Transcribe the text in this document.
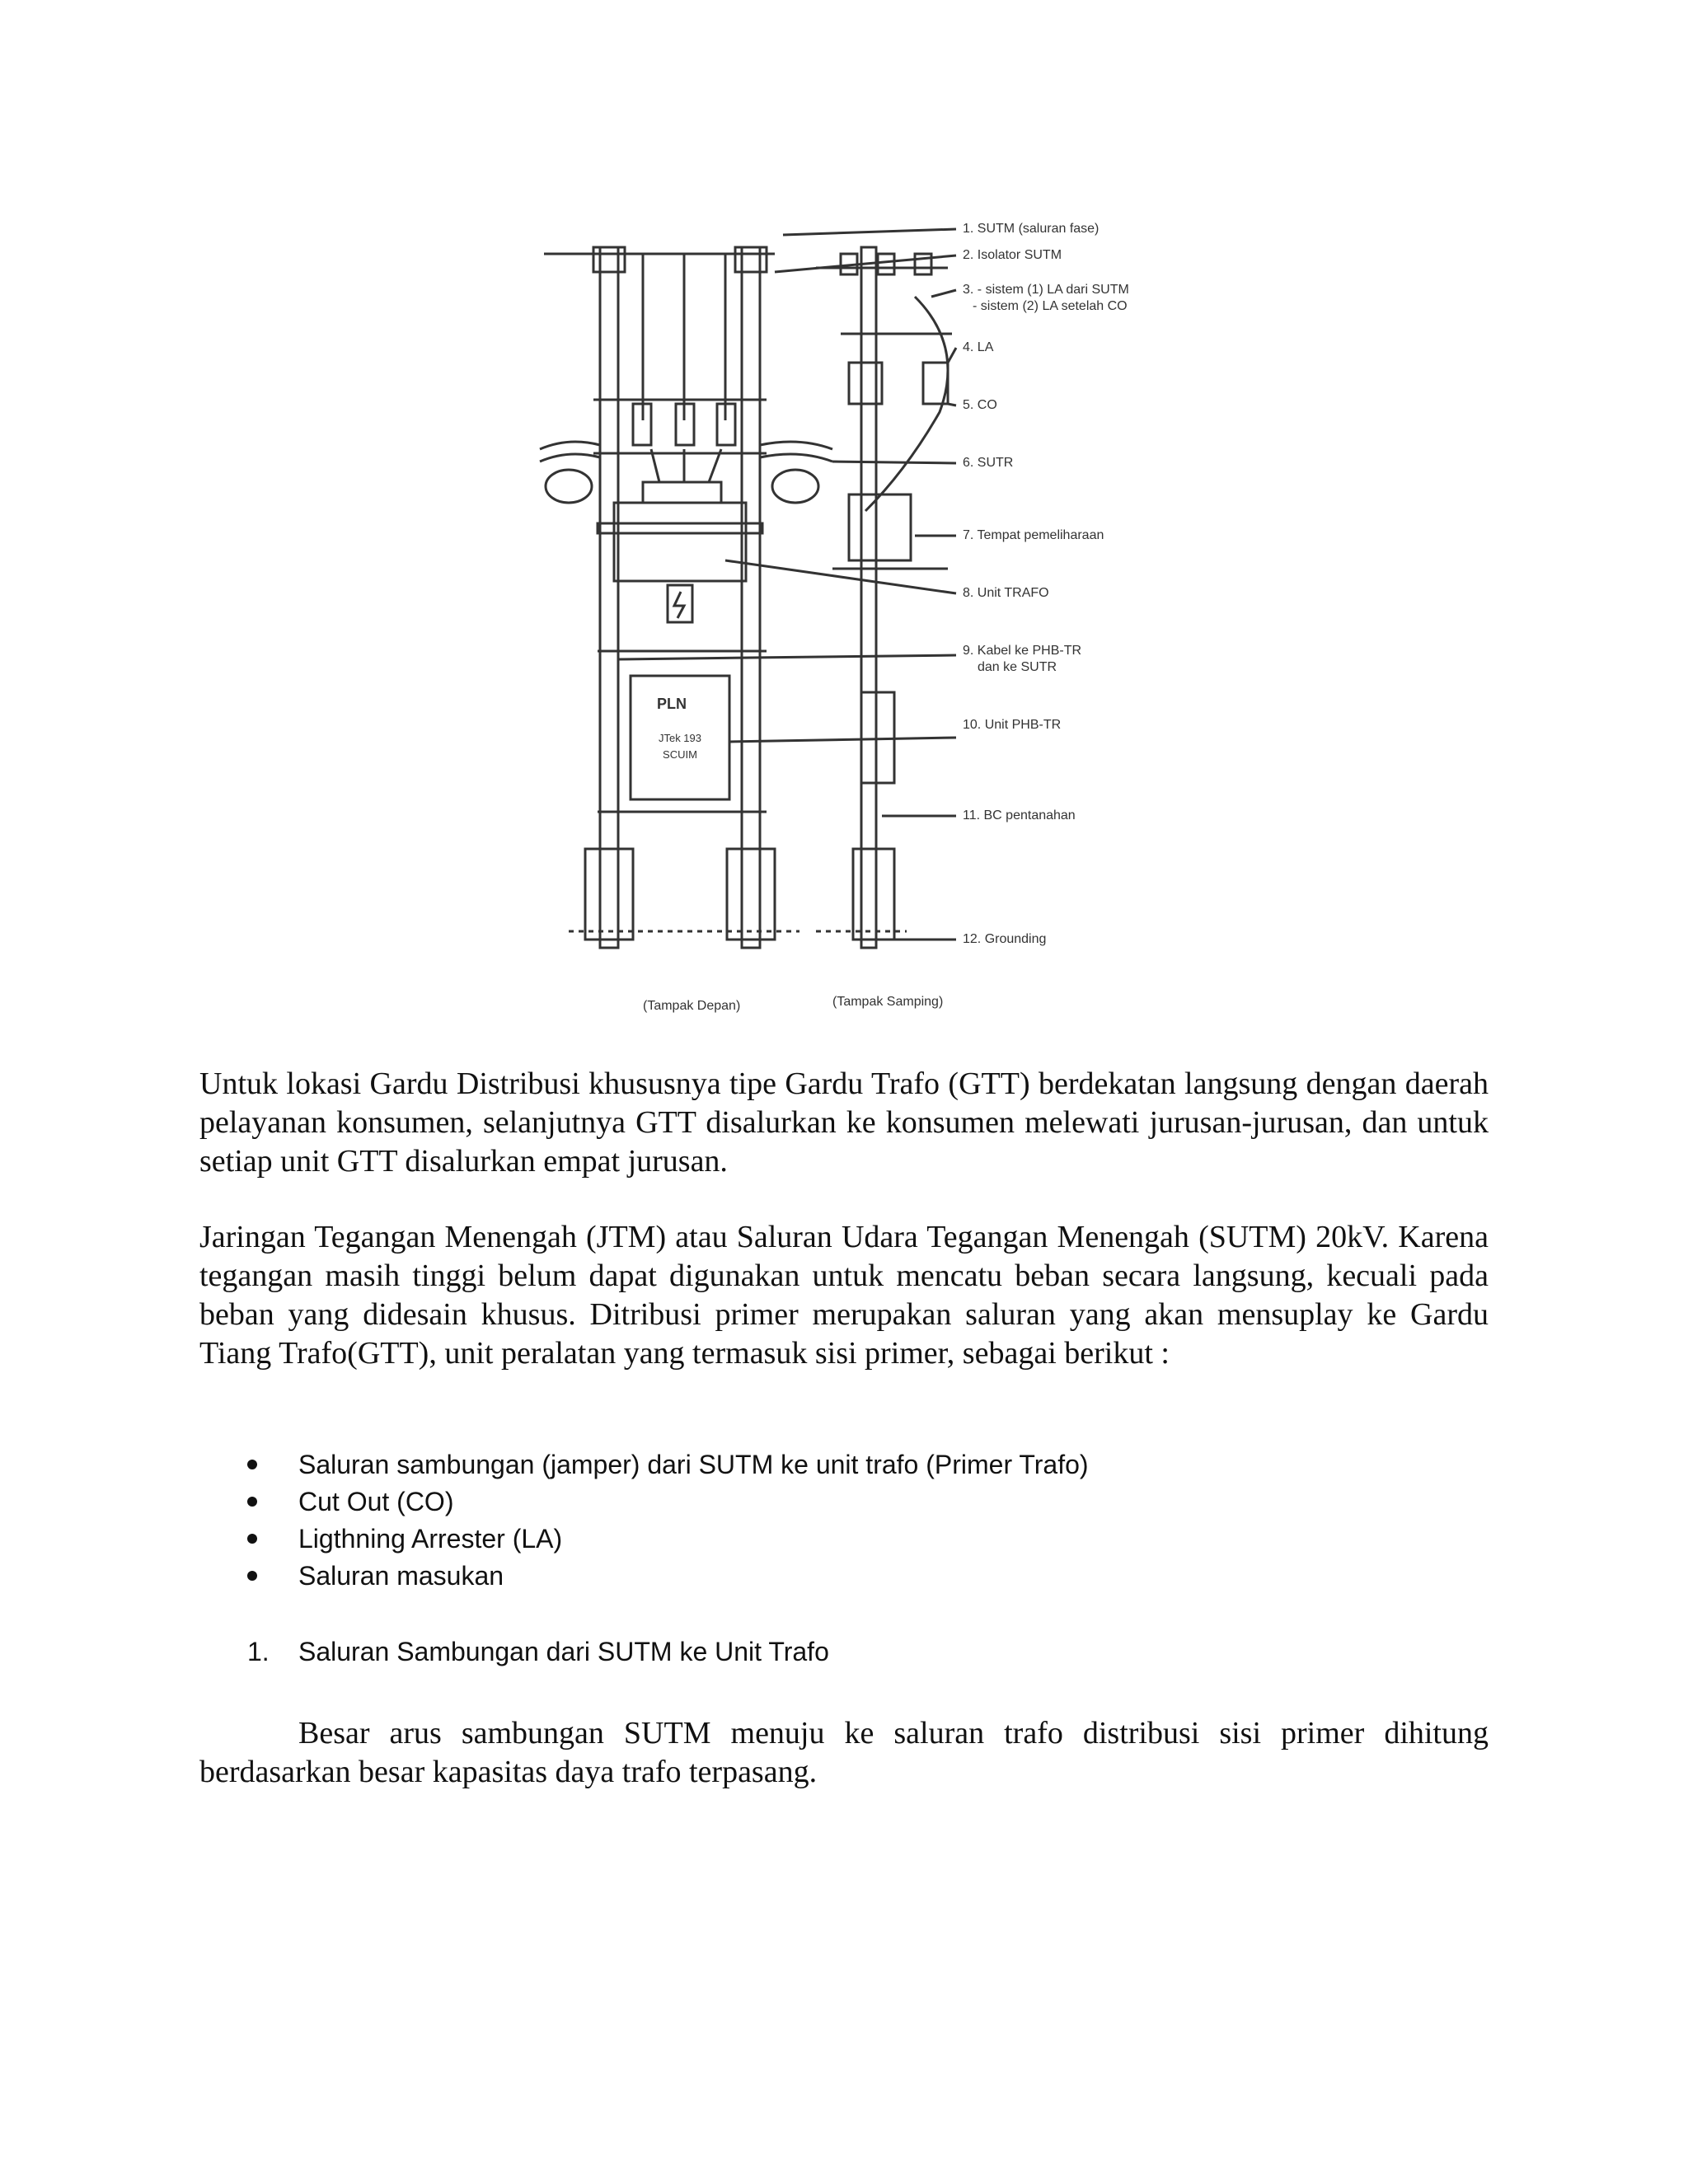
PLN
JTek 193
SCUIM
1. SUTM (saluran fase)
2. Isolator SUTM
3. - sistem (1) LA dari SUTM
- sistem (2) LA setelah CO
4. LA
5. CO
6. SUTR
7. Tempat pemeliharaan
8. Unit TRAFO
9. Kabel ke PHB-TR
dan ke SUTR
10. Unit PHB-TR
11. BC pentanahan
12. Grounding
(Tampak Depan)	(Tampak Samping)

Untuk lokasi Gardu Distribusi khususnya tipe Gardu Trafo (GTT) berdekatan langsung dengan daerah pelayanan konsumen, selanjutnya GTT disalurkan ke konsumen melewati jurusan-jurusan, dan untuk setiap unit GTT disalurkan empat jurusan.

Jaringan Tegangan Menengah (JTM) atau Saluran Udara Tegangan Menengah (SUTM) 20kV. Karena tegangan masih tinggi belum dapat digunakan untuk mencatu beban secara langsung, kecuali pada beban yang didesain khusus. Ditribusi primer merupakan saluran yang akan mensuplay ke Gardu Tiang Trafo(GTT), unit peralatan yang termasuk sisi primer, sebagai berikut :

Saluran sambungan (jamper) dari SUTM ke unit trafo (Primer Trafo)
Cut Out (CO)
Ligthning Arrester (LA)
Saluran masukan
1. Saluran Sambungan dari SUTM ke Unit Trafo

Besar arus sambungan SUTM menuju ke saluran trafo distribusi sisi primer dihitung berdasarkan besar kapasitas daya trafo terpasang.
